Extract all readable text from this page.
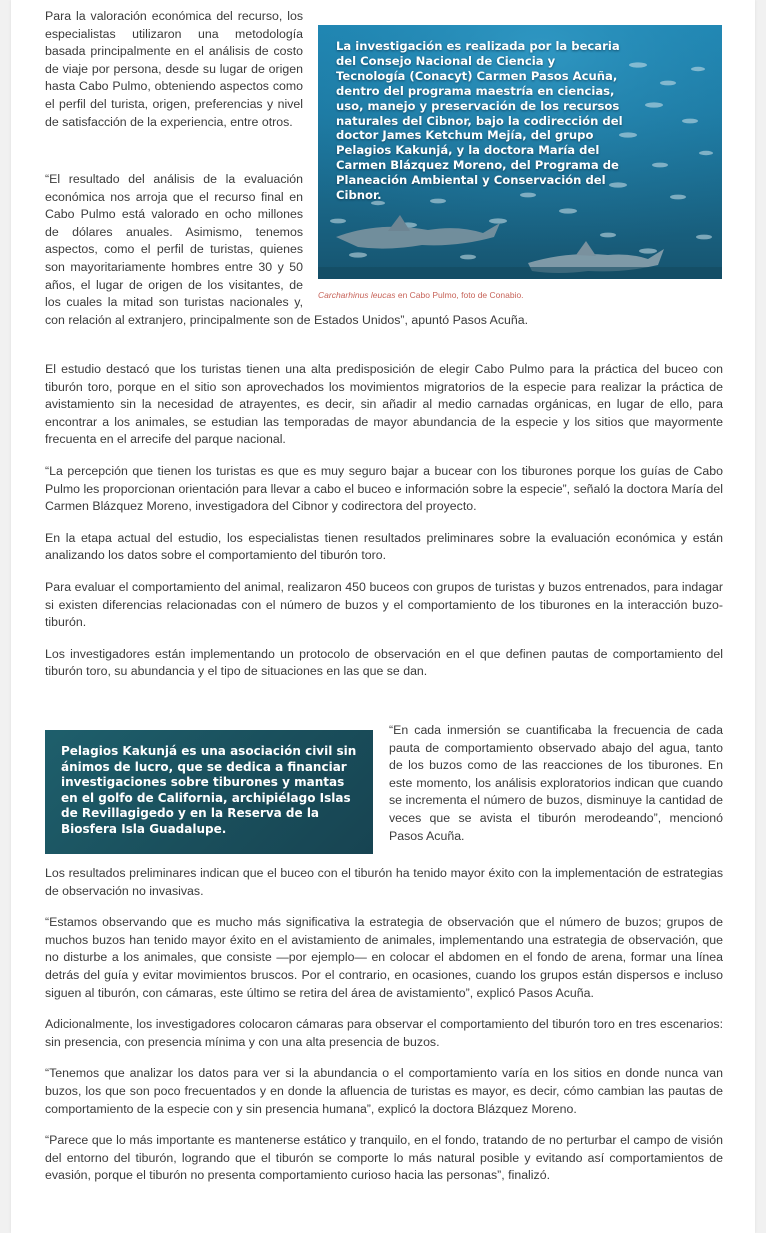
La investigación es realizada por la becaria del Consejo Nacional de Ciencia y Tecnología (Conacyt) Carmen Pasos Acuña, dentro del programa maestría en ciencias, uso, manejo y preservación de los recursos naturales del Cibnor, bajo la codirección del doctor James Ketchum Mejía, del grupo Pelagios Kakunjá, y la doctora María del Carmen Blázquez Moreno, del Programa de Planeación Ambiental y Conservación del Cibnor.
Carcharhinus leucas en Cabo Pulmo, foto de Conabio.

Para la valoración económica del recurso, los especialistas utilizaron una metodología basada principalmente en el análisis de costo de viaje por persona, desde su lugar de origen hasta Cabo Pulmo, obteniendo aspectos como el perfil del turista, origen, preferencias y nivel de satisfacción de la experiencia, entre otros.

“El resultado del análisis de la evaluación económica nos arroja que el recurso final en Cabo Pulmo está valorado en ocho millones de dólares anuales. Asimismo, tenemos aspectos, como el perfil de turistas, quienes son mayoritariamente hombres entre 30 y 50 años, el lugar de origen de los visitantes, de los cuales la mitad son turistas nacionales y, con relación al extranjero, principalmente son de Estados Unidos”, apuntó Pasos Acuña.

El estudio destacó que los turistas tienen una alta predisposición de elegir Cabo Pulmo para la práctica del buceo con tiburón toro, porque en el sitio son aprovechados los movimientos migratorios de la especie para realizar la práctica de avistamiento sin la necesidad de atrayentes, es decir, sin añadir al medio carnadas orgánicas, en lugar de ello, para encontrar a los animales, se estudian las temporadas de mayor abundancia de la especie y los sitios que mayormente frecuenta en el arrecife del parque nacional.

“La percepción que tienen los turistas es que es muy seguro bajar a bucear con los tiburones porque los guías de Cabo Pulmo les proporcionan orientación para llevar a cabo el buceo e información sobre la especie”, señaló la doctora María del Carmen Blázquez Moreno, investigadora del Cibnor y codirectora del proyecto.

En la etapa actual del estudio, los especialistas tienen resultados preliminares sobre la evaluación económica y están analizando los datos sobre el comportamiento del tiburón toro.

Para evaluar el comportamiento del animal, realizaron 450 buceos con grupos de turistas y buzos entrenados, para indagar si existen diferencias relacionadas con el número de buzos y el comportamiento de los tiburones en la interacción buzo-tiburón.

Los investigadores están implementando un protocolo de observación en el que definen pautas de comportamiento del tiburón toro, su abundancia y el tipo de situaciones en las que se dan.

Pelagios Kakunjá es una asociación civil sin ánimos de lucro, que se dedica a financiar investigaciones sobre tiburones y mantas en el golfo de California, archipiélago Islas de Revillagigedo y en la Reserva de la Biosfera Isla Guadalupe.

“En cada inmersión se cuantificaba la frecuencia de cada pauta de comportamiento observado abajo del agua, tanto de los buzos como de las reacciones de los tiburones. En este momento, los análisis exploratorios indican que cuando se incrementa el número de buzos, disminuye la cantidad de veces que se avista el tiburón merodeando”, mencionó Pasos Acuña.

Los resultados preliminares indican que el buceo con el tiburón ha tenido mayor éxito con la implementación de estrategias de observación no invasivas.

“Estamos observando que es mucho más significativa la estrategia de observación que el número de buzos; grupos de muchos buzos han tenido mayor éxito en el avistamiento de animales, implementando una estrategia de observación, que no disturbe a los animales, que consiste —por ejemplo— en colocar el abdomen en el fondo de arena, formar una línea detrás del guía y evitar movimientos bruscos. Por el contrario, en ocasiones, cuando los grupos están dispersos e incluso siguen al tiburón, con cámaras, este último se retira del área de avistamiento”, explicó Pasos Acuña.

Adicionalmente, los investigadores colocaron cámaras para observar el comportamiento del tiburón toro en tres escenarios: sin presencia, con presencia mínima y con una alta presencia de buzos.

“Tenemos que analizar los datos para ver si la abundancia o el comportamiento varía en los sitios en donde nunca van buzos, los que son poco frecuentados y en donde la afluencia de turistas es mayor, es decir, cómo cambian las pautas de comportamiento de la especie con y sin presencia humana”, explicó la doctora Blázquez Moreno.

“Parece que lo más importante es mantenerse estático y tranquilo, en el fondo, tratando de no perturbar el campo de visión del entorno del tiburón, logrando que el tiburón se comporte lo más natural posible y evitando así comportamientos de evasión, porque el tiburón no presenta comportamiento curioso hacia las personas”, finalizó.
